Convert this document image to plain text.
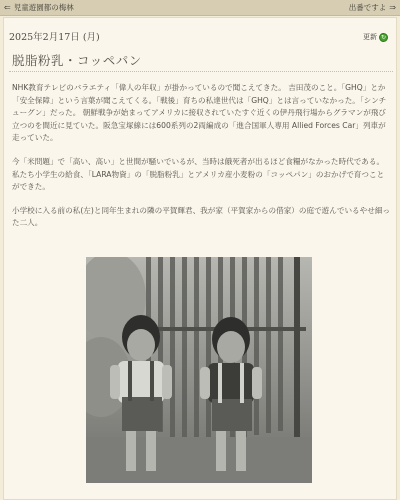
⇐ 児童遊園都の梅林	出番ですよ ⇒
2025年2月17日 (月)	更新 ↻
脱脂粉乳・コッペパン

NHK教育テレビのバラエティ「偉人の年収」が掛かっているので聞こえてきた。 吉田茂のこと。「GHQ」とか「安全保障」という言葉が聞こえてくる。「戦後」育ちの私達世代は「GHQ」とは言っていなかった。「シンチューグン」だった。 朝鮮戦争が始まってアメリカに接収されていたすぐ近くの伊丹飛行場からグラマンが飛び立つのを間近に見ていた。阪急宝塚線には600系列の2両編成の「進合国軍人専用 Allied Forces Car」列車が走っていた。

今「米問題」で「高い、高い」と世間が騒いでいるが、当時は餓死者が出るほど食糧がなかった時代である。 私たち小学生の給食、「LARA物資」の「脱脂粉乳」とアメリカ産小麦粉の「コッペパン」のおかげで育つことができた。

小学校に入る前の私(左)と同年生まれの隣の平賀輝君、我が家（平賀家からの借家）の庭で遊んでいるやせ細った二人。
